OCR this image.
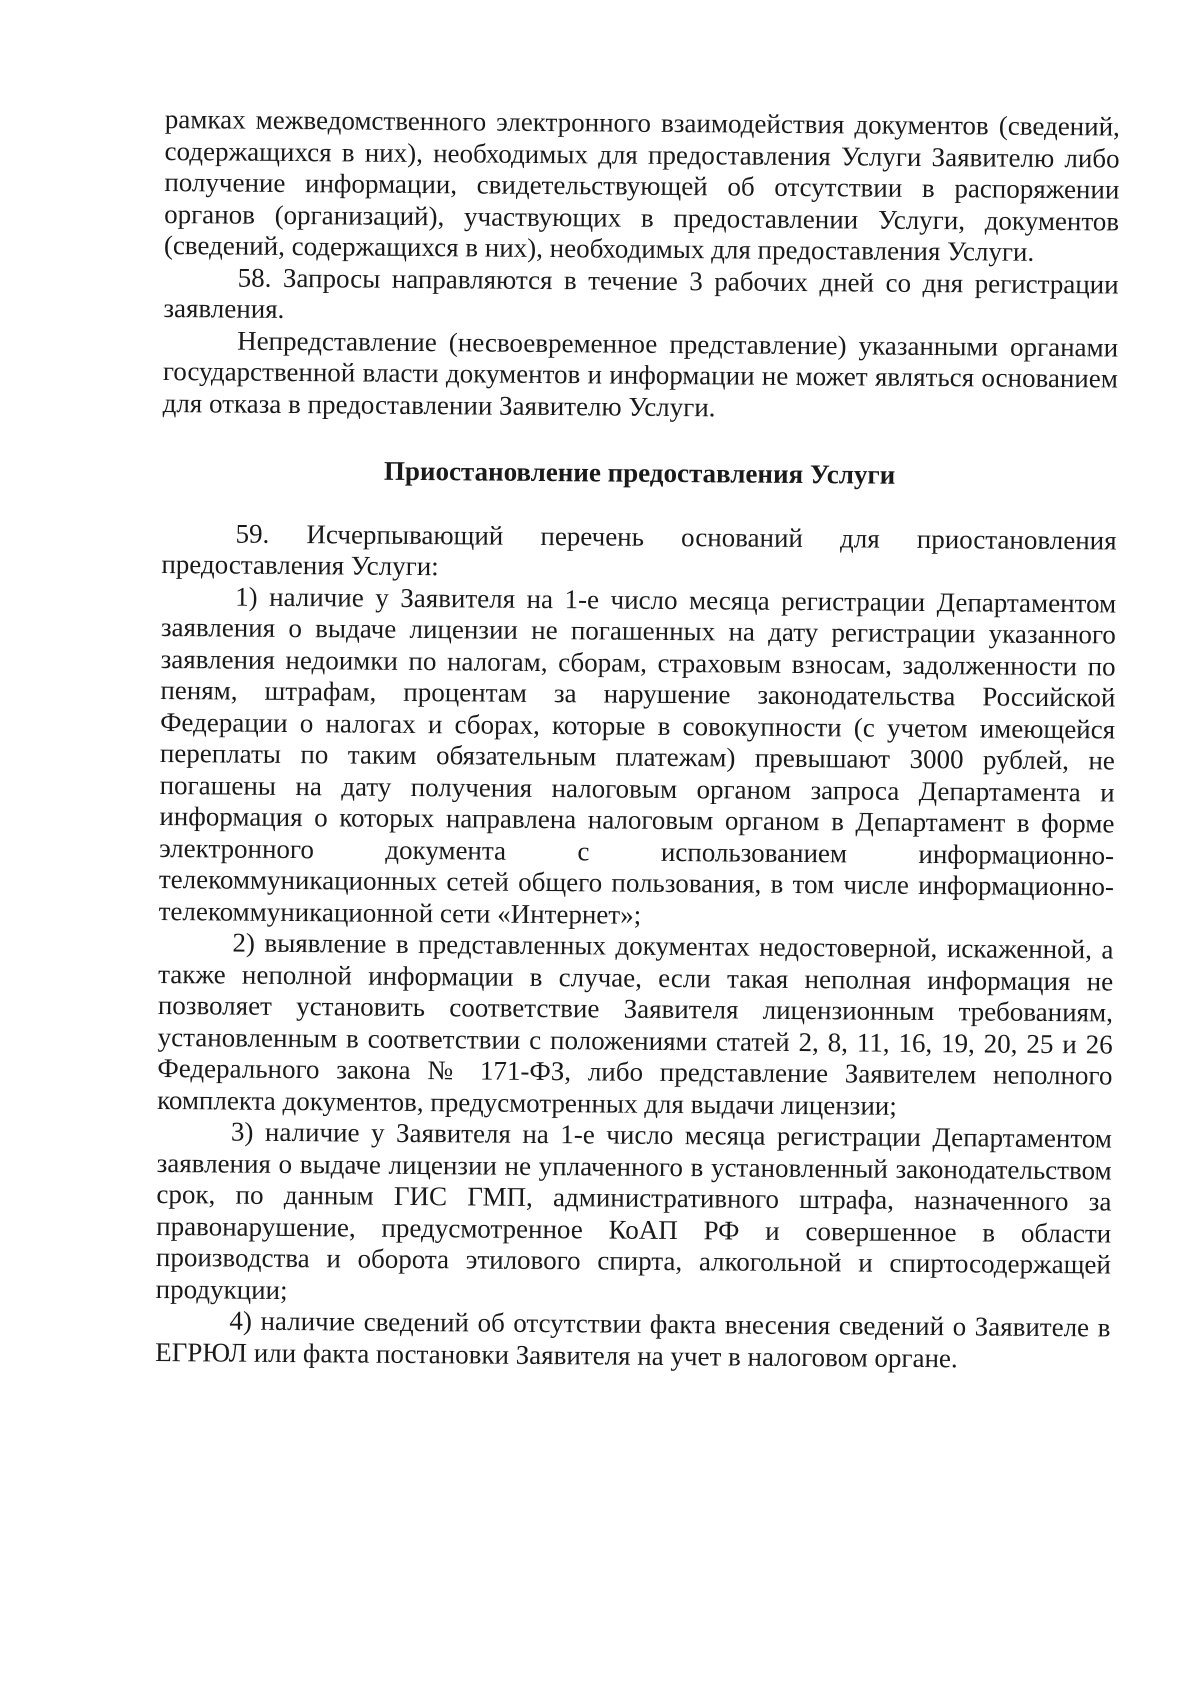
рамках межведомственного электронного взаимодействия документов (сведений, содержащихся в них), необходимых для предоставления Услуги Заявителю либо получение информации, свидетельствующей об отсутствии в распоряжении органов (организаций), участвующих в предоставлении Услуги, документов (сведений, содержащихся в них), необходимых для предоставления Услуги.

58. Запросы направляются в течение 3 рабочих дней со дня регистрации заявления.

Непредставление (несвоевременное представление) указанными органами государственной власти документов и информации не может являться основанием для отказа в предоставлении Заявителю Услуги.

Приостановление предоставления Услуги

59. Исчерпывающий перечень оснований для приостановления предоставления Услуги:

1) наличие у Заявителя на 1-е число месяца регистрации Департаментом заявления о выдаче лицензии не погашенных на дату регистрации указанного заявления недоимки по налогам, сборам, страховым взносам, задолженности по пеням, штрафам, процентам за нарушение законодательства Российской Федерации о налогах и сборах, которые в совокупности (с учетом имеющейся переплаты по таким обязательным платежам) превышают 3000 рублей, не погашены на дату получения налоговым органом запроса Департамента и информация о которых направлена налоговым органом в Департамент в форме электронного документа с использованием информационно-телекоммуникационных сетей общего пользования, в том числе информационно-телекоммуникационной сети «Интернет»;

2) выявление в представленных документах недостоверной, искаженной, а также неполной информации в случае, если такая неполная информация не позволяет установить соответствие Заявителя лицензионным требованиям, установленным в соответствии с положениями статей 2, 8, 11, 16, 19, 20, 25 и 26 Федерального закона № 171-ФЗ, либо представление Заявителем неполного комплекта документов, предусмотренных для выдачи лицензии;

3) наличие у Заявителя на 1-е число месяца регистрации Департаментом заявления о выдаче лицензии не уплаченного в установленный законодательством срок, по данным ГИС ГМП, административного штрафа, назначенного за правонарушение, предусмотренное КоАП РФ и совершенное в области производства и оборота этилового спирта, алкогольной и спиртосодержащей продукции;

4) наличие сведений об отсутствии факта внесения сведений о Заявителе в ЕГРЮЛ или факта постановки Заявителя на учет в налоговом органе.
